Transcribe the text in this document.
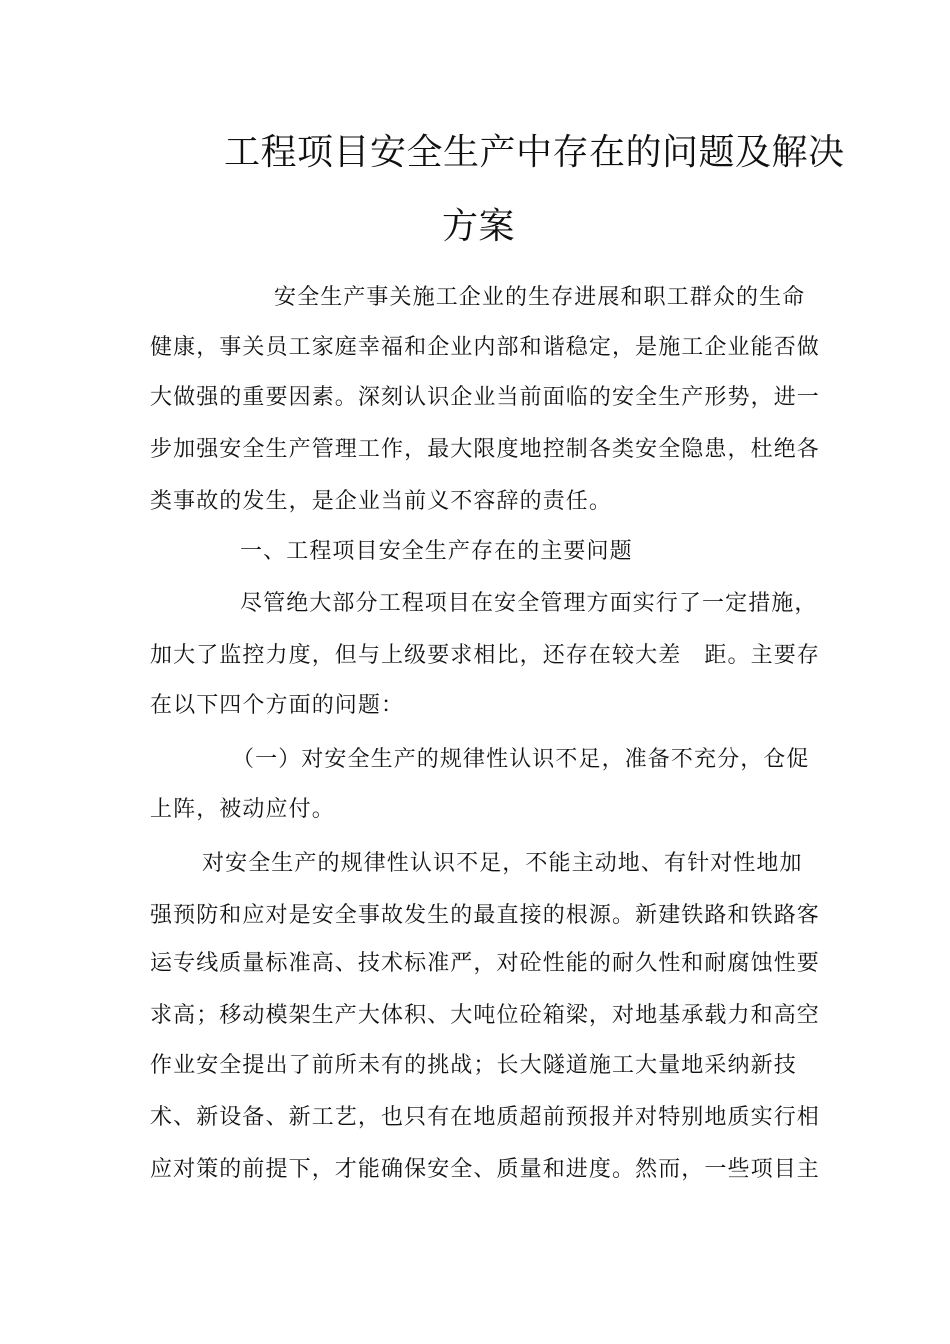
工程项目安全生产中存在的问题及解决
方案
安全生产事关施工企业的生存进展和职工群众的生命
健康，事关员工家庭幸福和企业内部和谐稳定，是施工企业能否做
大做强的重要因素。深刻认识企业当前面临的安全生产形势，进一
步加强安全生产管理工作，最大限度地控制各类安全隐患，杜绝各
类事故的发生，是企业当前义不容辞的责任。
一、工程项目安全生产存在的主要问题
尽管绝大部分工程项目在安全管理方面实行了一定措施，
加大了监控力度，但与上级要求相比，还存在较大差　距。主要存
在以下四个方面的问题：
（一）对安全生产的规律性认识不足，准备不充分，仓促
上阵，被动应付。
对安全生产的规律性认识不足，不能主动地、有针对性地加
强预防和应对是安全事故发生的最直接的根源。新建铁路和铁路客
运专线质量标准高、技术标准严，对砼性能的耐久性和耐腐蚀性要
求高；移动模架生产大体积、大吨位砼箱梁，对地基承载力和高空
作业安全提出了前所未有的挑战；长大隧道施工大量地采纳新技
术、新设备、新工艺，也只有在地质超前预报并对特别地质实行相
应对策的前提下，才能确保安全、质量和进度。然而，一些项目主
